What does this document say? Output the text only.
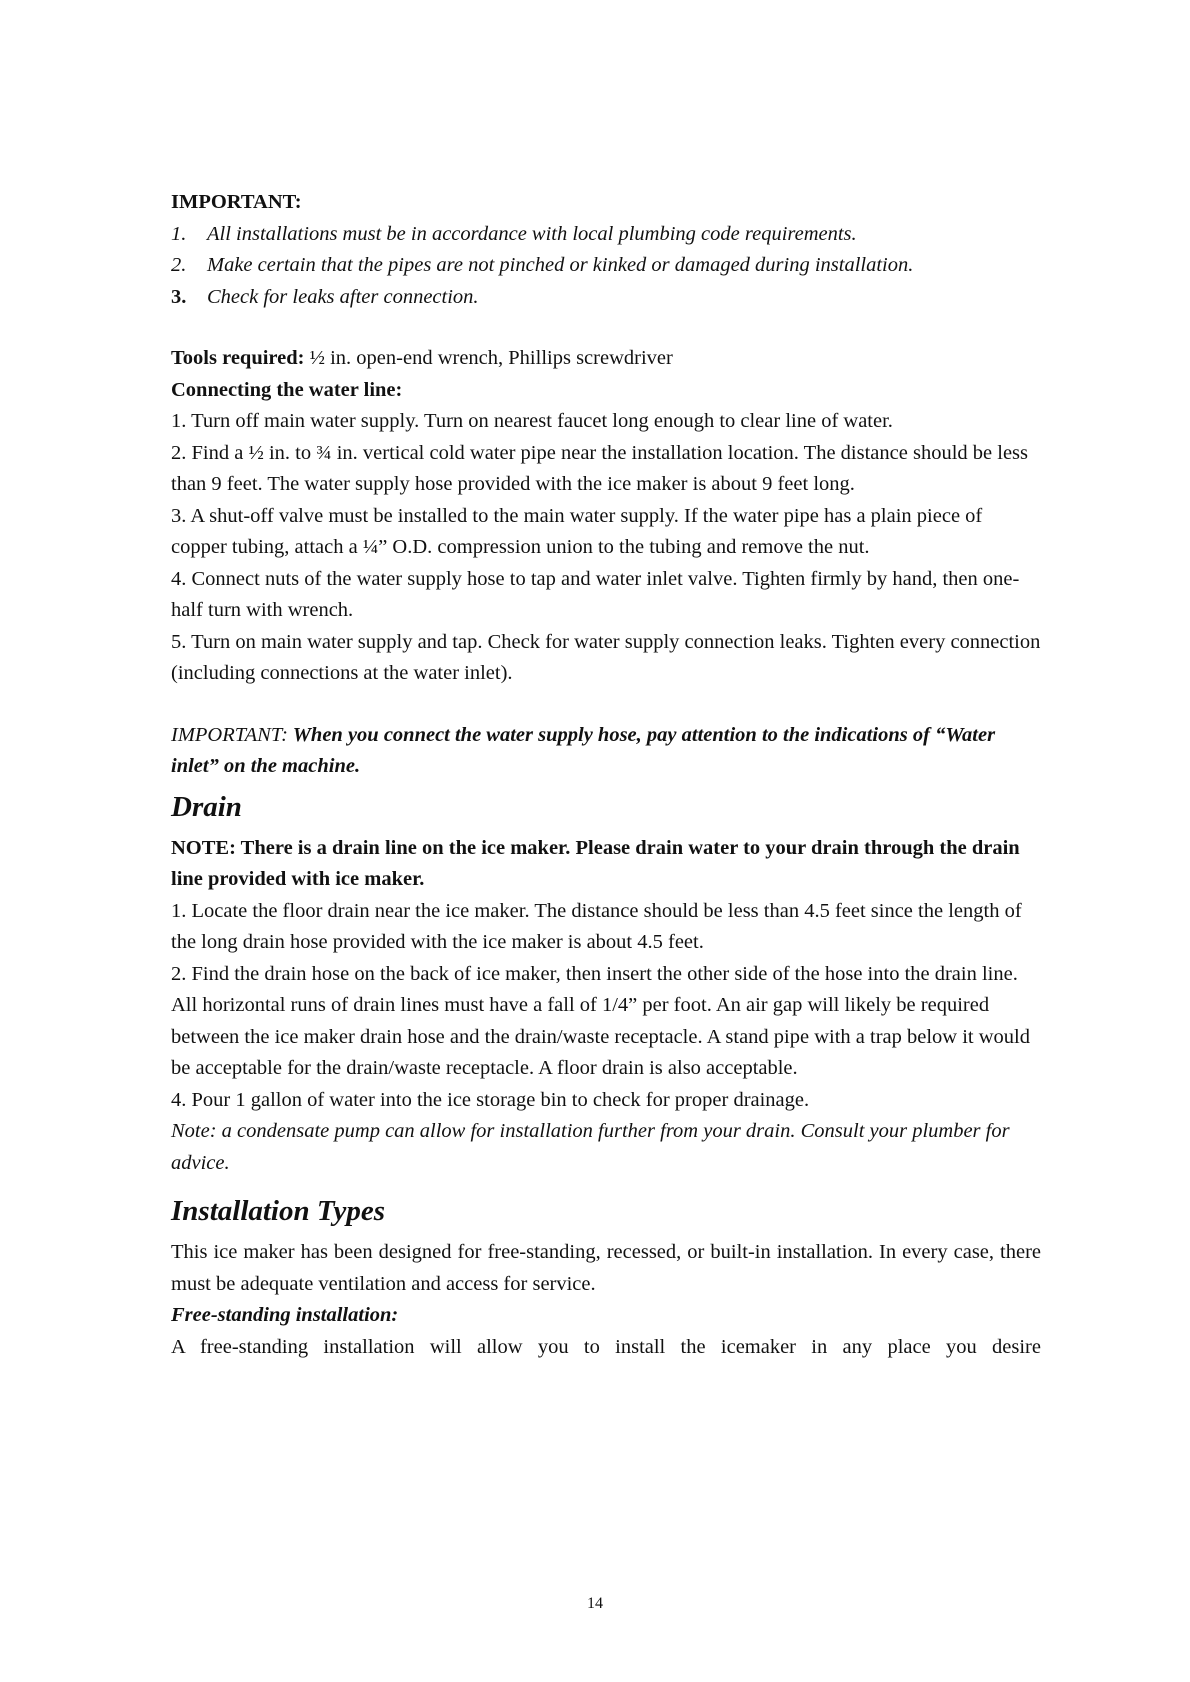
IMPORTANT:

1.	All installations must be in accordance with local plumbing code requirements.
2.	Make certain that the pipes are not pinched or kinked or damaged during installation.
3.	Check for leaks after connection.

Tools required: ½ in. open-end wrench, Phillips screwdriver

Connecting the water line:

1. Turn off main water supply. Turn on nearest faucet long enough to clear line of water.

2. Find a ½ in. to ¾ in. vertical cold water pipe near the installation location. The distance should be less than 9 feet. The water supply hose provided with the ice maker is about 9 feet long.

3. A shut-off valve must be installed to the main water supply. If the water pipe has a plain piece of copper tubing, attach a ¼” O.D. compression union to the tubing and remove the nut.

4. Connect nuts of the water supply hose to tap and water inlet valve. Tighten firmly by hand, then one-half turn with wrench.

5. Turn on main water supply and tap. Check for water supply connection leaks. Tighten every connection (including connections at the water inlet).

IMPORTANT: When you connect the water supply hose, pay attention to the indications of “Water inlet” on the machine.

Drain

NOTE: There is a drain line on the ice maker. Please drain water to your drain through the drain line provided with ice maker.

1. Locate the floor drain near the ice maker. The distance should be less than 4.5 feet since the length of the long drain hose provided with the ice maker is about 4.5 feet.

2. Find the drain hose on the back of ice maker, then insert the other side of the hose into the drain line.

All horizontal runs of drain lines must have a fall of 1/4” per foot. An air gap will likely be required between the ice maker drain hose and the drain/waste receptacle. A stand pipe with a trap below it would be acceptable for the drain/waste receptacle. A floor drain is also acceptable.

4. Pour 1 gallon of water into the ice storage bin to check for proper drainage.

Note: a condensate pump can allow for installation further from your drain. Consult your plumber for advice.

Installation Types

This ice maker has been designed for free-standing, recessed, or built-in installation. In every case, there must be adequate ventilation and access for service.

Free-standing installation:

A free-standing installation will allow you to install the icemaker in any place you desire

14
